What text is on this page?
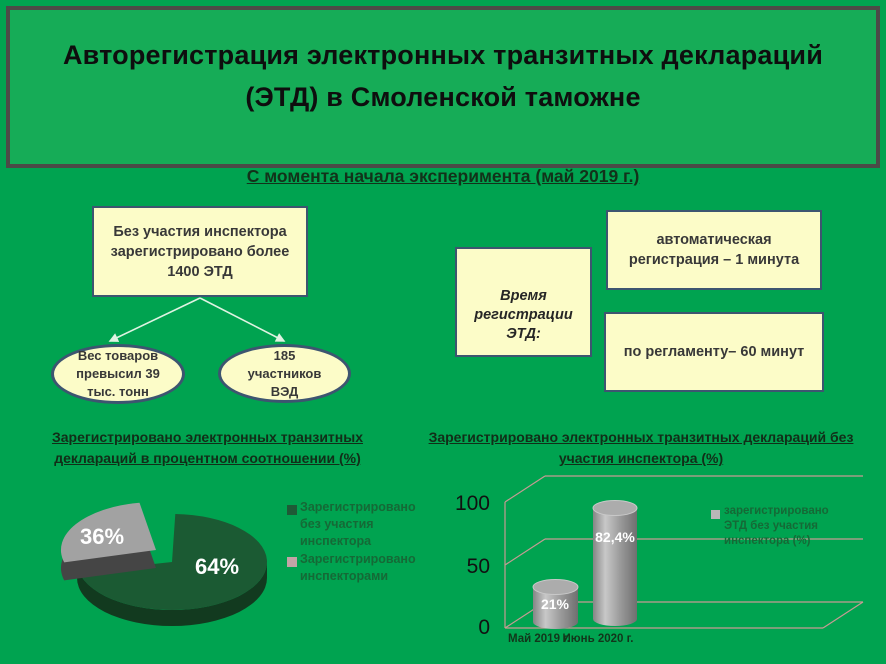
Авторегистрация электронных транзитных деклараций
(ЭТД) в Смоленской таможне
С момента начала эксперимента (май 2019 г.)
Без участия инспектора зарегистрировано более 1400 ЭТД
Вес товаров превысил 39 тыс. тонн
185 участников ВЭД
Время регистрации ЭТД:
автоматическая регистрация – 1 минута
по регламенту– 60 минут
Зарегистрировано электронных транзитных деклараций в процентном соотношении (%)
Зарегистрировано электронных транзитных деклараций без участия инспектора (%)
64%
36%
Зарегистрировано без участия инспектора
Зарегистрировано инспекторами
100
50
0
21%
82,4%
Май 2019 г.
Июнь 2020 г.
зарегистрировано ЭТД без участия инспектора (%)
